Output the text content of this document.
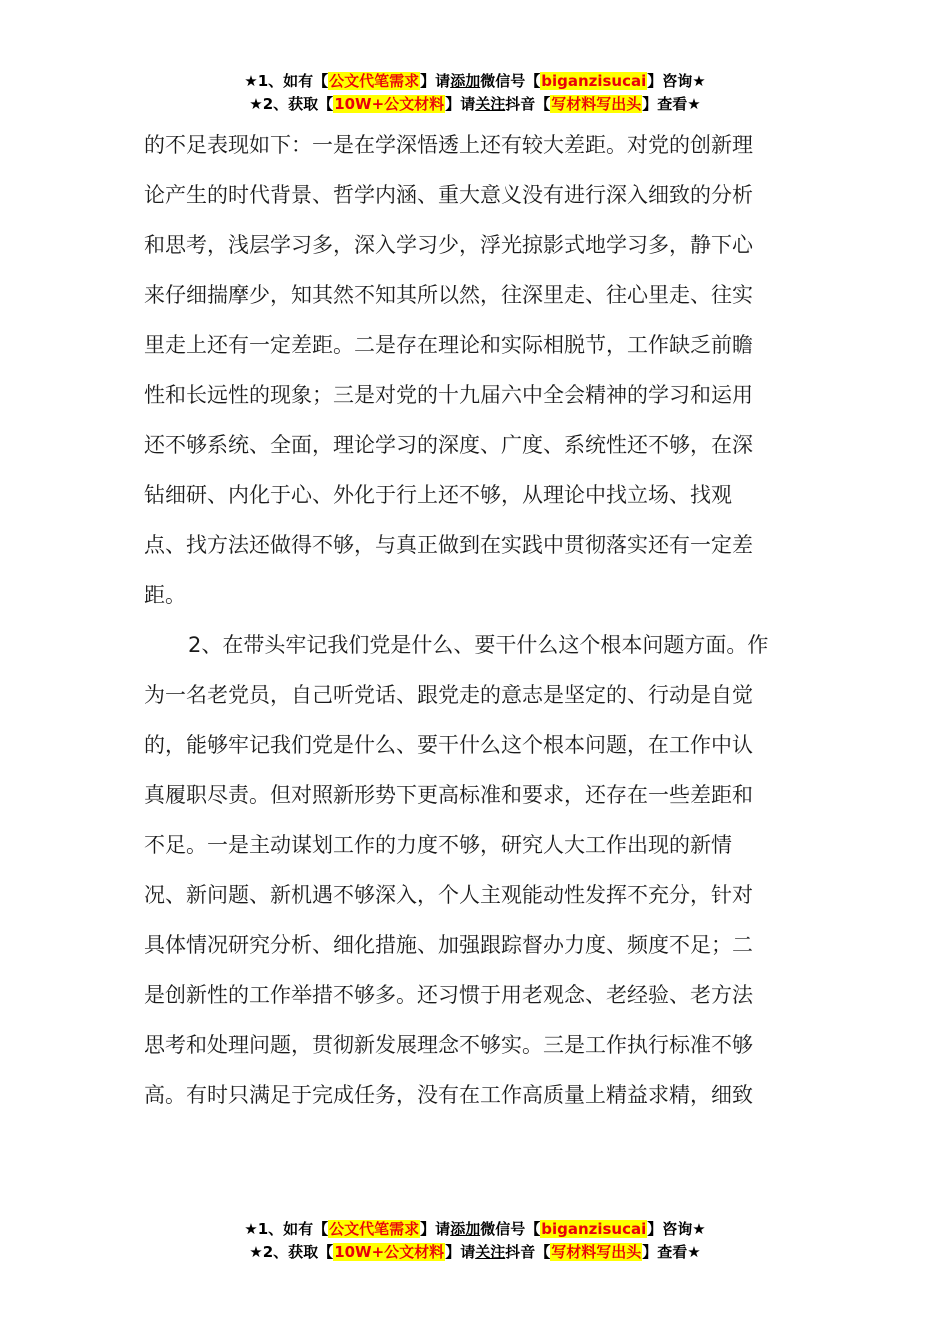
★1、如有【公文代笔需求】请添加微信号【biganzisucai】咨询★
★2、获取【10W+公文材料】请关注抖音【写材料写出头】查看★
的不足表现如下：一是在学深悟透上还有较大差距。对党的创新理
论产生的时代背景、哲学内涵、重大意义没有进行深入细致的分析
和思考，浅层学习多，深入学习少，浮光掠影式地学习多，静下心
来仔细揣摩少，知其然不知其所以然，往深里走、往心里走、往实
里走上还有一定差距。二是存在理论和实际相脱节，工作缺乏前瞻
性和长远性的现象；三是对党的十九届六中全会精神的学习和运用
还不够系统、全面，理论学习的深度、广度、系统性还不够，在深
钻细研、内化于心、外化于行上还不够，从理论中找立场、找观
点、找方法还做得不够，与真正做到在实践中贯彻落实还有一定差
距。
2、在带头牢记我们党是什么、要干什么这个根本问题方面。作
为一名老党员，自己听党话、跟党走的意志是坚定的、行动是自觉
的，能够牢记我们党是什么、要干什么这个根本问题，在工作中认
真履职尽责。但对照新形势下更高标准和要求，还存在一些差距和
不足。一是主动谋划工作的力度不够，研究人大工作出现的新情
况、新问题、新机遇不够深入，个人主观能动性发挥不充分，针对
具体情况研究分析、细化措施、加强跟踪督办力度、频度不足；二
是创新性的工作举措不够多。还习惯于用老观念、老经验、老方法
思考和处理问题，贯彻新发展理念不够实。三是工作执行标准不够
高。有时只满足于完成任务，没有在工作高质量上精益求精，细致
★1、如有【公文代笔需求】请添加微信号【biganzisucai】咨询★
★2、获取【10W+公文材料】请关注抖音【写材料写出头】查看★
